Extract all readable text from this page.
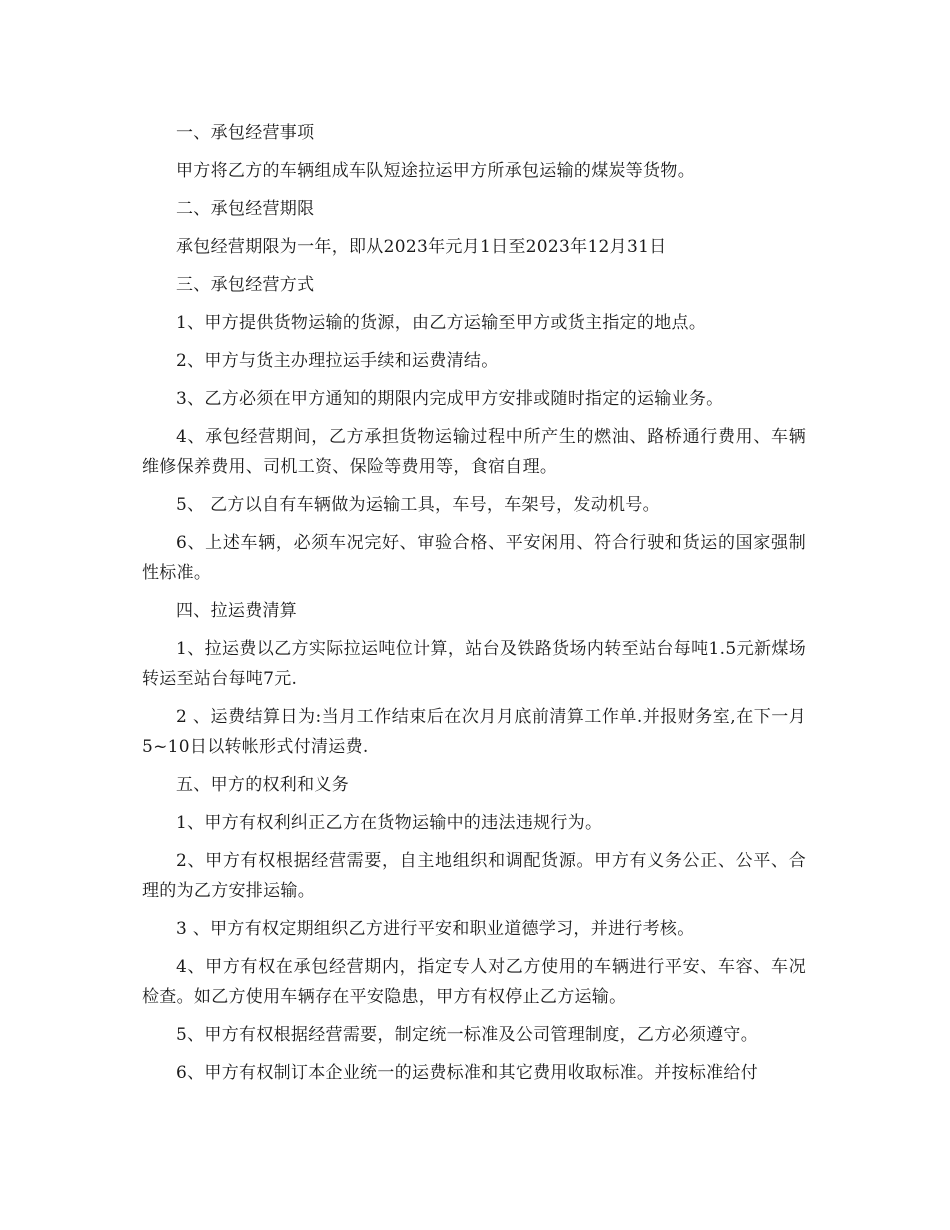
一、承包经营事项

甲方将乙方的车辆组成车队短途拉运甲方所承包运输的煤炭等货物。

二、承包经营期限

承包经营期限为一年，即从2023年元月1日至2023年12月31日

三、承包经营方式

1、甲方提供货物运输的货源，由乙方运输至甲方或货主指定的地点。

2、甲方与货主办理拉运手续和运费清结。

3、乙方必须在甲方通知的期限内完成甲方安排或随时指定的运输业务。

4、承包经营期间，乙方承担货物运输过程中所产生的燃油、路桥通行费用、车辆维修保养费用、司机工资、保险等费用等，食宿自理。

5、 乙方以自有车辆做为运输工具，车号，车架号，发动机号。

6、上述车辆，必须车况完好、审验合格、平安闲用、符合行驶和货运的国家强制性标准。

四、拉运费清算

1、拉运费以乙方实际拉运吨位计算，站台及铁路货场内转至站台每吨1.5元新煤场转运至站台每吨7元.

2 、运费结算日为:当月工作结束后在次月月底前清算工作单.并报财务室,在下一月5~10日以转帐形式付清运费.

五、甲方的权利和义务

1、甲方有权利纠正乙方在货物运输中的违法违规行为。

2、甲方有权根据经营需要，自主地组织和调配货源。甲方有义务公正、公平、合理的为乙方安排运输。

3 、甲方有权定期组织乙方进行平安和职业道德学习，并进行考核。

4、甲方有权在承包经营期内，指定专人对乙方使用的车辆进行平安、车容、车况检查。如乙方使用车辆存在平安隐患，甲方有权停止乙方运输。

5、甲方有权根据经营需要，制定统一标准及公司管理制度，乙方必须遵守。

6、甲方有权制订本企业统一的运费标准和其它费用收取标准。并按标准给付
